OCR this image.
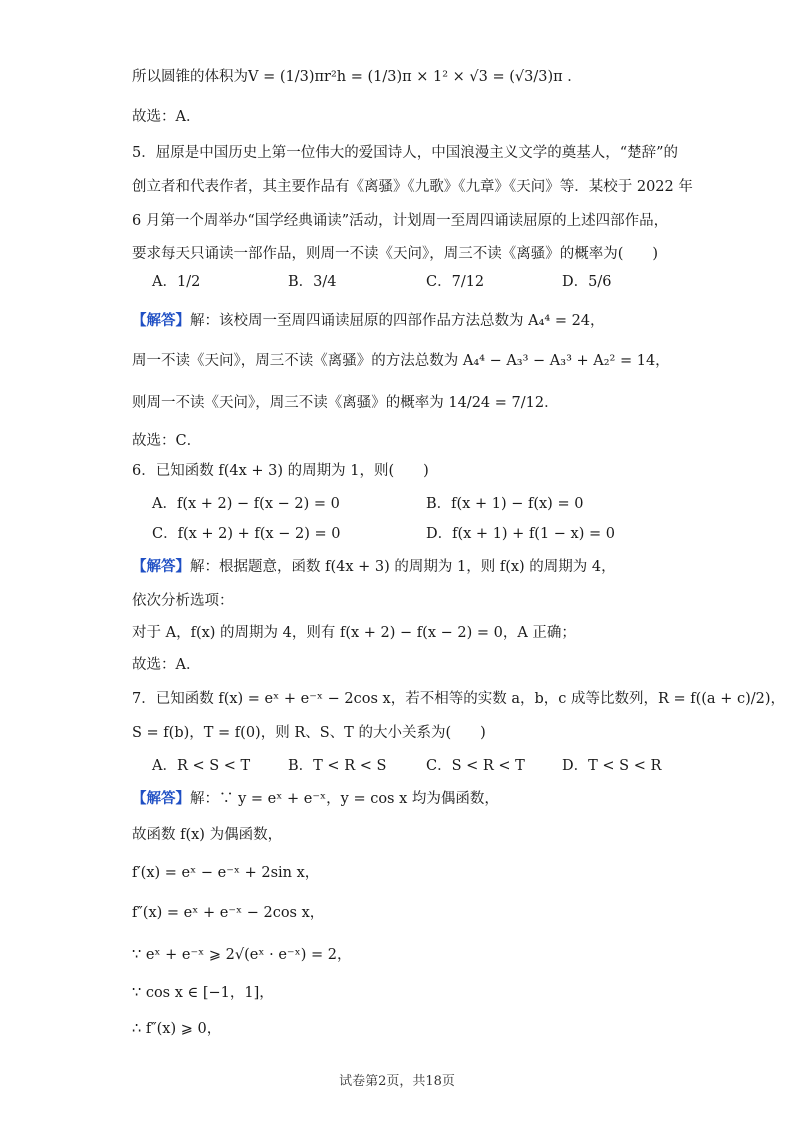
所以圆锥的体积为V = (1/3)πr²h = (1/3)π × 1² × √3 = (√3/3)π ．
故选：A．
5．屈原是中国历史上第一位伟大的爱国诗人，中国浪漫主义文学的奠基人，“楚辞”的
创立者和代表作者，其主要作品有《离骚》《九歌》《九章》《天问》等．某校于 2022 年
6 月第一个周举办“国学经典诵读”活动，计划周一至周四诵读屈原的上述四部作品，
要求每天只诵读一部作品，则周一不读《天问》，周三不读《离骚》的概率为(　　)
A．1/2	B．3/4	C．7/12	D．5/6
【解答】解：该校周一至周四诵读屈原的四部作品方法总数为 A₄⁴ = 24，
周一不读《天问》，周三不读《离骚》的方法总数为 A₄⁴ − A₃³ − A₃³ + A₂² = 14，
则周一不读《天问》，周三不读《离骚》的概率为 14/24 = 7/12．
故选：C．
6．已知函数 f(4x + 3) 的周期为 1，则(　　)
A．f(x + 2) − f(x − 2) = 0	B．f(x + 1) − f(x) = 0
C．f(x + 2) + f(x − 2) = 0	D．f(x + 1) + f(1 − x) = 0
【解答】解：根据题意，函数 f(4x + 3) 的周期为 1，则 f(x) 的周期为 4，
依次分析选项：
对于 A，f(x) 的周期为 4，则有 f(x + 2) − f(x − 2) = 0，A 正确；
故选：A．
7．已知函数 f(x) = eˣ + e⁻ˣ − 2cos x，若不相等的实数 a，b，c 成等比数列，R = f((a + c)/2)，
S = f(b)，T = f(0)，则 R、S、T 的大小关系为(　　)
A．R < S < T	B．T < R < S	C．S < R < T	D．T < S < R
【解答】解：∵ y = eˣ + e⁻ˣ，y = cos x 均为偶函数，
故函数 f(x) 为偶函数，
f′(x) = eˣ − e⁻ˣ + 2sin x，
f″(x) = eˣ + e⁻ˣ − 2cos x，
∵ eˣ + e⁻ˣ ⩾ 2√(eˣ · e⁻ˣ) = 2，
∵ cos x ∈ [−1，1]，
∴ f″(x) ⩾ 0，
试卷第2页，共18页
